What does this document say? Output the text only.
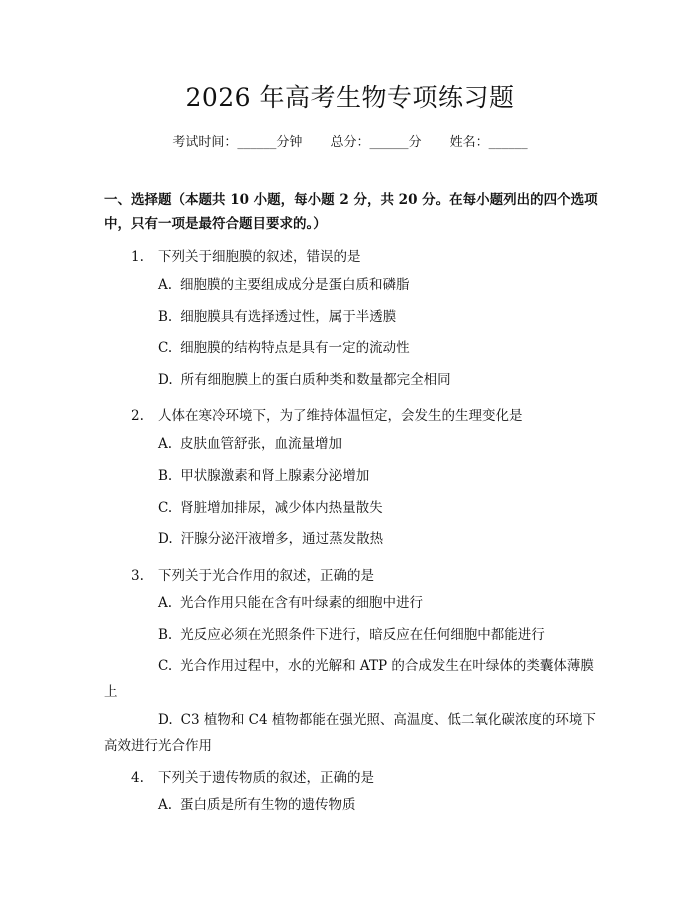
2026 年高考生物专项练习题
考试时间：______分钟 总分：______分 姓名：______
一、选择题（本题共 10 小题，每小题 2 分，共 20 分。在每小题列出的四个选项中，只有一项是最符合题目要求的。）
1. 下列关于细胞膜的叙述，错误的是
A. 细胞膜的主要组成成分是蛋白质和磷脂
B. 细胞膜具有选择透过性，属于半透膜
C. 细胞膜的结构特点是具有一定的流动性
D. 所有细胞膜上的蛋白质种类和数量都完全相同
2. 人体在寒冷环境下，为了维持体温恒定，会发生的生理变化是
A. 皮肤血管舒张，血流量增加
B. 甲状腺激素和肾上腺素分泌增加
C. 肾脏增加排尿，减少体内热量散失
D. 汗腺分泌汗液增多，通过蒸发散热
3. 下列关于光合作用的叙述，正确的是
A. 光合作用只能在含有叶绿素的细胞中进行
B. 光反应必须在光照条件下进行，暗反应在任何细胞中都能进行
C. 光合作用过程中，水的光解和 ATP 的合成发生在叶绿体的类囊体薄膜上
D. C3 植物和 C4 植物都能在强光照、高温度、低二氧化碳浓度的环境下高效进行光合作用
4. 下列关于遗传物质的叙述，正确的是
A. 蛋白质是所有生物的遗传物质
